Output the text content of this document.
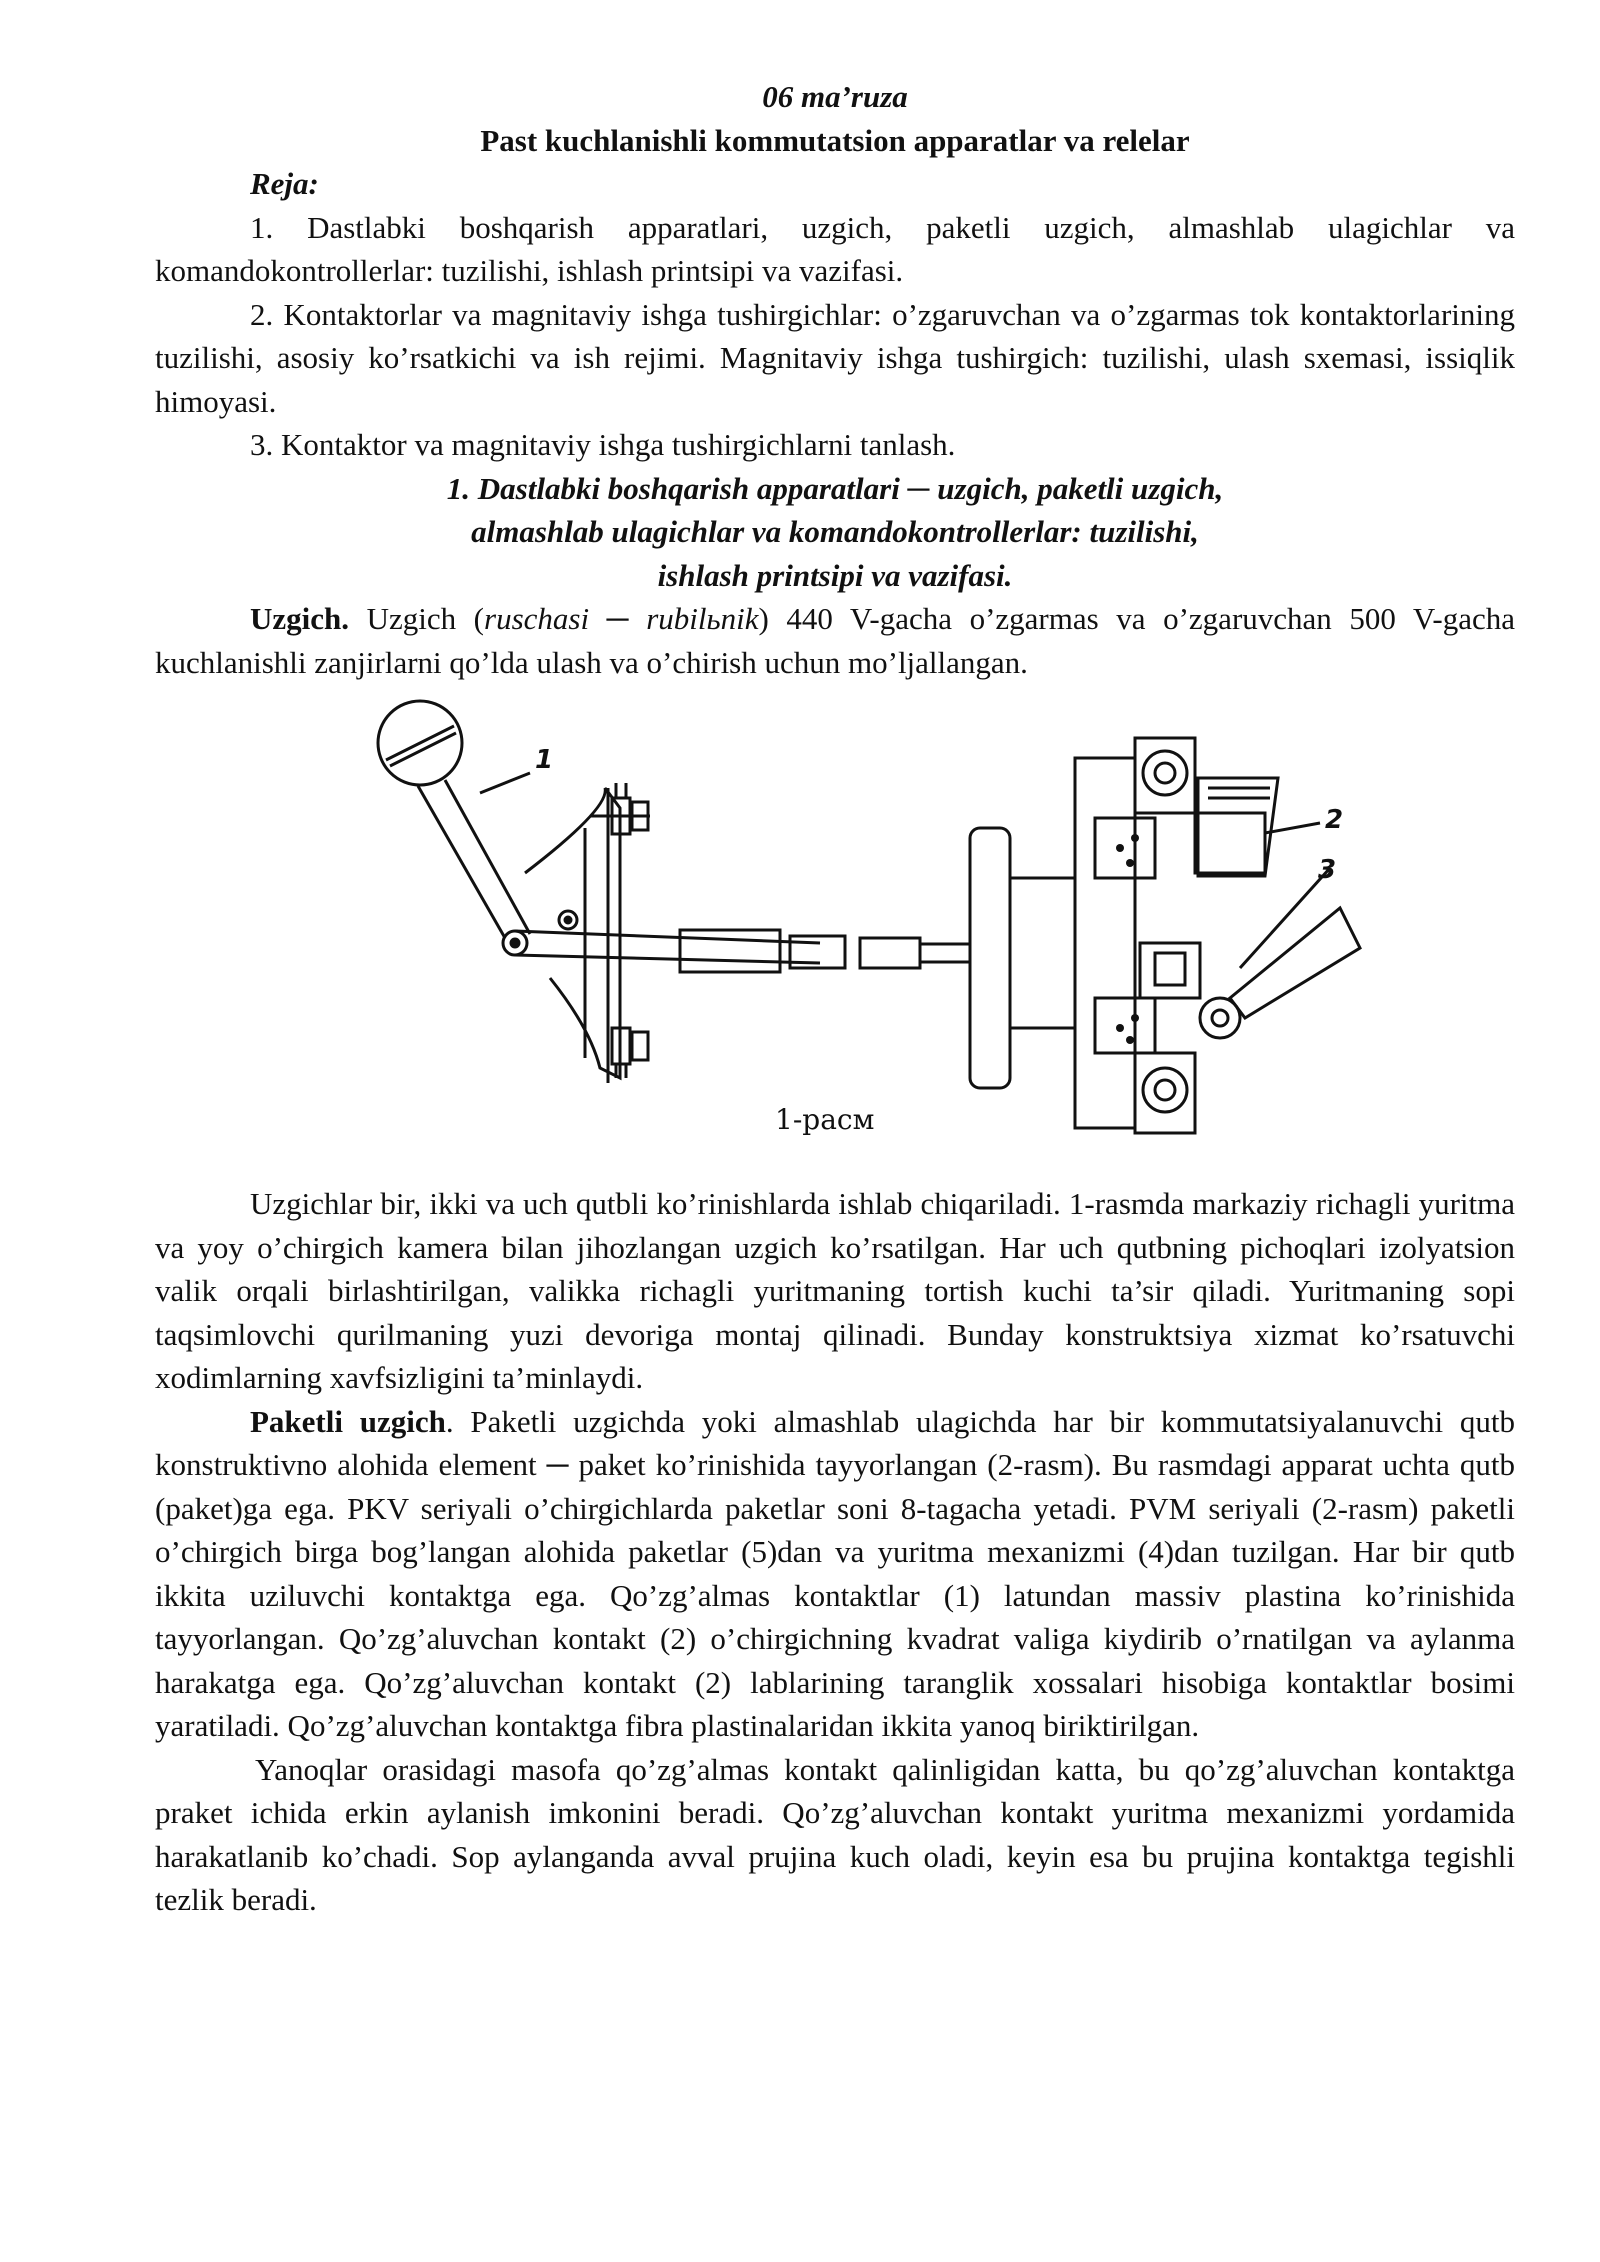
06 ma’ruza

Past kuchlanishli kommutatsion apparatlar va relelar

Reja:

1. Dastlabki boshqarish apparatlari, uzgich, paketli uzgich, almashlab ulagichlar va komandokontrollerlar: tuzilishi, ishlash printsipi va vazifasi.

2. Kontaktorlar va magnitaviy ishga tushirgichlar: o’zgaruvchan va o’zgarmas tok kontaktorlarining tuzilishi, asosiy ko’rsatkichi va ish rejimi. Magnitaviy ishga tushirgich: tuzilishi, ulash sxemasi, issiqlik himoyasi.

3. Kontaktor va magnitaviy ishga tushirgichlarni tanlash.

1. Dastlabki boshqarish apparatlari ─ uzgich, paketli uzgich,

almashlab ulagichlar va komandokontrollerlar: tuzilishi,

ishlash printsipi va vazifasi.

Uzgich. Uzgich (ruschasi ─ rubilьnik) 440 V-gacha o’zgarmas va o’zgaruvchan 500 V-gacha kuchlanishli zanjirlarni qo’lda ulash va o’chirish uchun mo’ljallangan.

1
2
3
1-расм

Uzgichlar bir, ikki va uch qutbli ko’rinishlarda ishlab chiqariladi. 1-rasmda markaziy richagli yuritma va yoy o’chirgich kamera bilan jihozlangan uzgich ko’rsatilgan. Har uch qutbning pichoqlari izolyatsion valik orqali birlashtirilgan, valikka richagli yuritmaning tortish kuchi ta’sir qiladi. Yuritmaning sopi taqsimlovchi qurilmaning yuzi devoriga montaj qilinadi. Bunday konstruktsiya xizmat ko’rsatuvchi xodimlarning xavfsizligini ta’minlaydi.

Paketli uzgich. Paketli uzgichda yoki almashlab ulagichda har bir kommutatsiyalanuvchi qutb konstruktivno alohida element ─ paket ko’rinishida tayyorlangan (2-rasm). Bu rasmdagi apparat uchta qutb (paket)ga ega. PKV seriyali o’chirgichlarda paketlar soni 8-tagacha yetadi. PVM seriyali (2-rasm) paketli o’chirgich birga bog’langan alohida paketlar (5)dan va yuritma mexanizmi (4)dan tuzilgan. Har bir qutb ikkita uziluvchi kontaktga ega. Qo’zg’almas kontaktlar (1) latundan massiv plastina ko’rinishida tayyorlangan. Qo’zg’aluvchan kontakt (2) o’chirgichning kvadrat valiga kiydirib o’rnatilgan va aylanma harakatga ega. Qo’zg’aluvchan kontakt (2) lablarining taranglik xossalari hisobiga kontaktlar bosimi yaratiladi. Qo’zg’aluvchan kontaktga fibra plastinalaridan ikkita yanoq biriktirilgan.

Yanoqlar orasidagi masofa qo’zg’almas kontakt qalinligidan katta, bu qo’zg’aluvchan kontaktga praket ichida erkin aylanish imkonini beradi. Qo’zg’aluvchan kontakt yuritma mexanizmi yordamida harakatlanib ko’chadi. Sop aylanganda avval prujina kuch oladi, keyin esa bu prujina kontaktga tegishli tezlik beradi.
